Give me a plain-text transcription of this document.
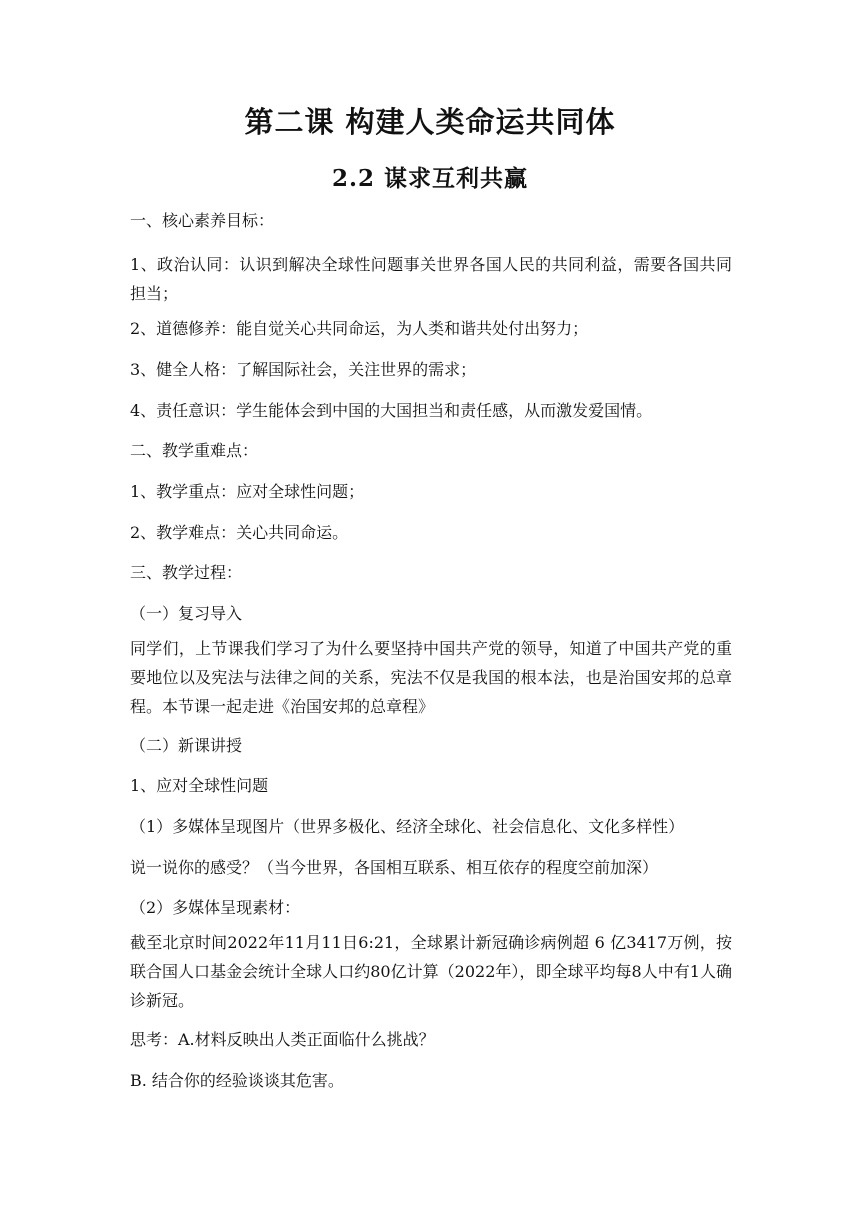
第二课 构建人类命运共同体
2.2 谋求互利共赢

一、核心素养目标：

1、政治认同：认识到解决全球性问题事关世界各国人民的共同利益，需要各国共同担当；

2、道德修养：能自觉关心共同命运，为人类和谐共处付出努力；

3、健全人格：了解国际社会，关注世界的需求；

4、责任意识：学生能体会到中国的大国担当和责任感，从而激发爱国情。

二、教学重难点：

1、教学重点：应对全球性问题；

2、教学难点：关心共同命运。

三、教学过程：

（一）复习导入

同学们，上节课我们学习了为什么要坚持中国共产党的领导，知道了中国共产党的重要地位以及宪法与法律之间的关系，宪法不仅是我国的根本法，也是治国安邦的总章程。本节课一起走进《治国安邦的总章程》

（二）新课讲授

1、应对全球性问题

（1）多媒体呈现图片（世界多极化、经济全球化、社会信息化、文化多样性）

说一说你的感受？（当今世界，各国相互联系、相互依存的程度空前加深）

（2）多媒体呈现素材：

截至北京时间2022年11月11日6:21，全球累计新冠确诊病例超 6 亿3417万例，按联合国人口基金会统计全球人口约80亿计算（2022年），即全球平均每8人中有1人确诊新冠。

思考：A.材料反映出人类正面临什么挑战？

B. 结合你的经验谈谈其危害。
